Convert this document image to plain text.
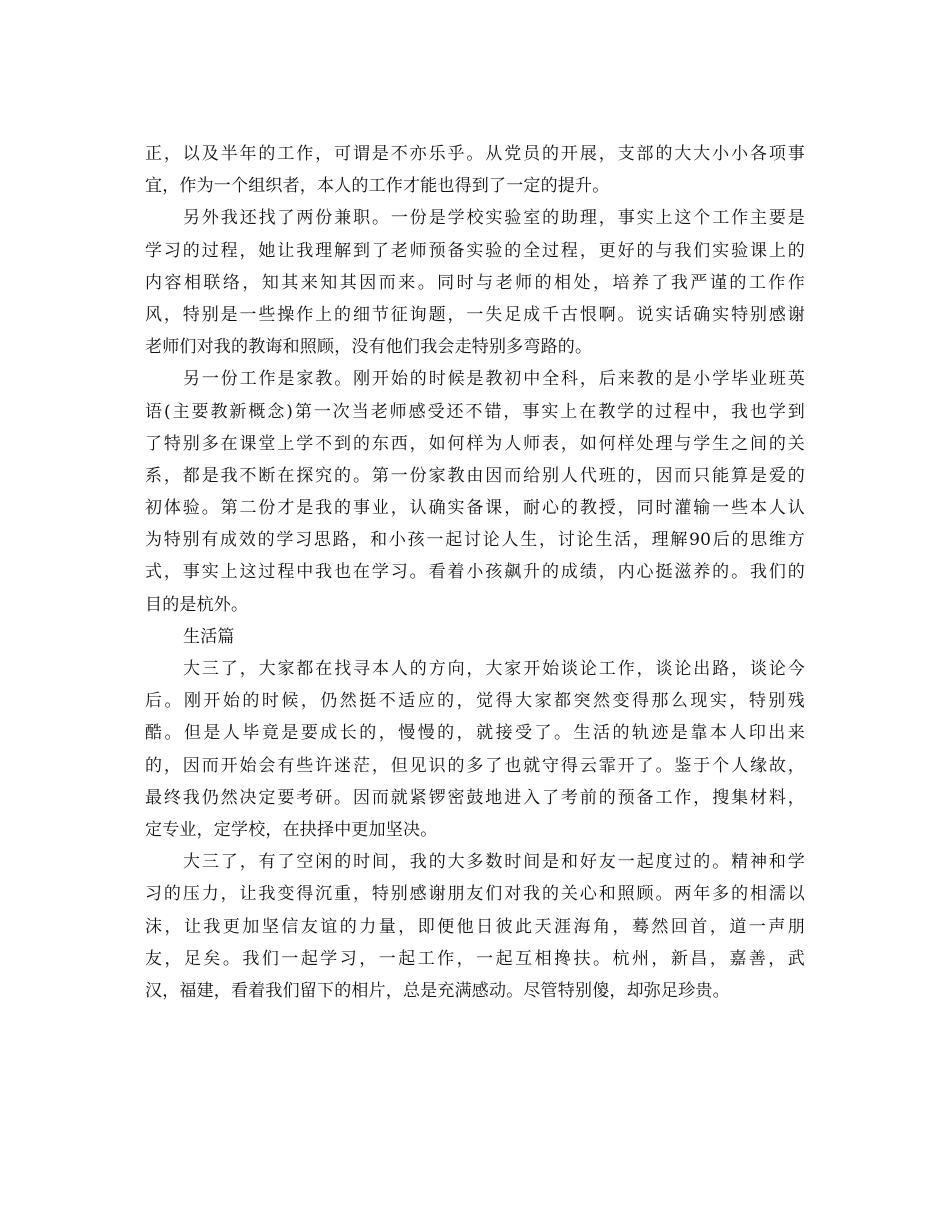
正，以及半年的工作，可谓是不亦乐乎。从党员的开展，支部的大大小小各项事
宜，作为一个组织者，本人的工作才能也得到了一定的提升。
另外我还找了两份兼职。一份是学校实验室的助理，事实上这个工作主要是
学习的过程，她让我理解到了老师预备实验的全过程，更好的与我们实验课上的
内容相联络，知其来知其因而来。同时与老师的相处，培养了我严谨的工作作
风，特别是一些操作上的细节征询题，一失足成千古恨啊。说实话确实特别感谢
老师们对我的教诲和照顾，没有他们我会走特别多弯路的。
另一份工作是家教。刚开始的时候是教初中全科，后来教的是小学毕业班英
语(主要教新概念)第一次当老师感受还不错，事实上在教学的过程中，我也学到
了特别多在课堂上学不到的东西，如何样为人师表，如何样处理与学生之间的关
系，都是我不断在探究的。第一份家教由因而给别人代班的，因而只能算是爱的
初体验。第二份才是我的事业，认确实备课，耐心的教授，同时灌输一些本人认
为特别有成效的学习思路，和小孩一起讨论人生，讨论生活，理解90后的思维方
式，事实上这过程中我也在学习。看着小孩飙升的成绩，内心挺滋养的。我们的
目的是杭外。
生活篇
大三了，大家都在找寻本人的方向，大家开始谈论工作，谈论出路，谈论今
后。刚开始的时候，仍然挺不适应的，觉得大家都突然变得那么现实，特别残
酷。但是人毕竟是要成长的，慢慢的，就接受了。生活的轨迹是靠本人印出来
的，因而开始会有些许迷茫，但见识的多了也就守得云霏开了。鉴于个人缘故，
最终我仍然决定要考研。因而就紧锣密鼓地进入了考前的预备工作，搜集材料，
定专业，定学校，在抉择中更加坚决。
大三了，有了空闲的时间，我的大多数时间是和好友一起度过的。精神和学
习的压力，让我变得沉重，特别感谢朋友们对我的关心和照顾。两年多的相濡以
沫，让我更加坚信友谊的力量，即便他日彼此天涯海角，蓦然回首，道一声朋
友，足矣。我们一起学习，一起工作，一起互相搀扶。杭州，新昌，嘉善，武
汉，福建，看着我们留下的相片，总是充满感动。尽管特别傻，却弥足珍贵。
